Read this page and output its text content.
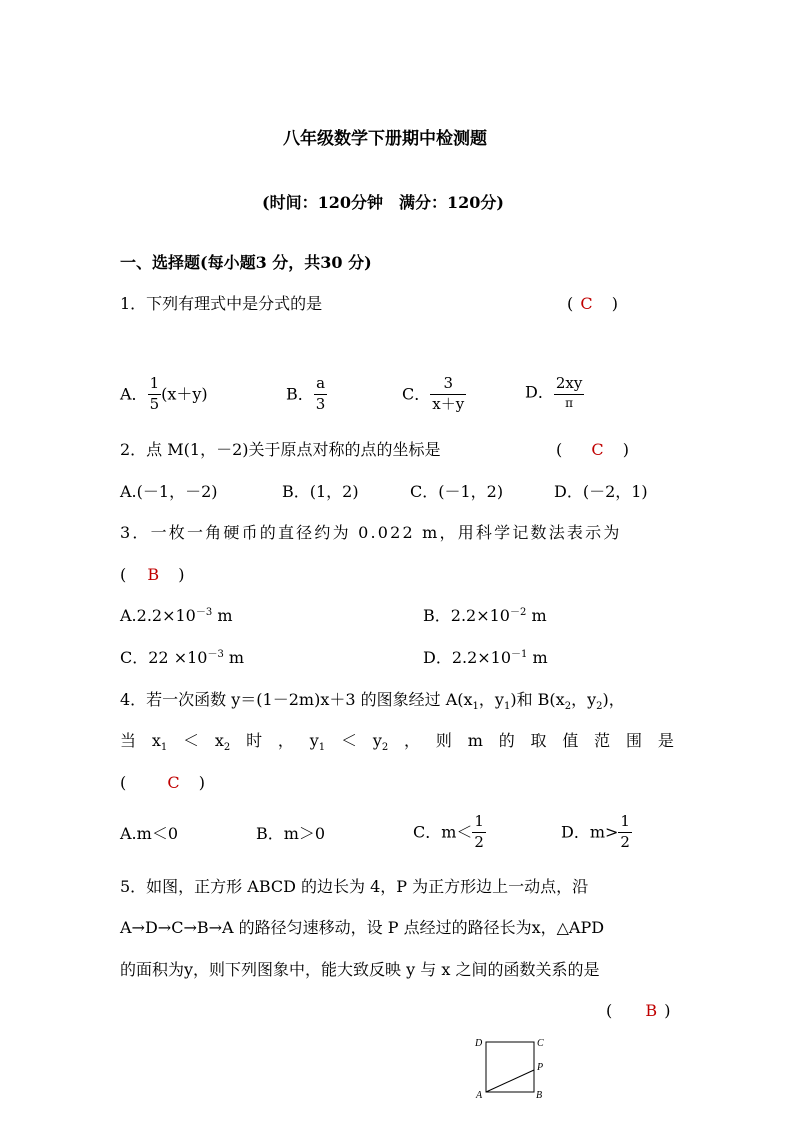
八年级数学下册期中检测题
(时间：120分钟　满分：120分)
一、选择题(每小题3 分，共30 分)
1．下列有理式中是分式的是	( C )
A． $\frac{1}{5} (x+y)$	B． $\frac{a}{3}$	C． $\frac{3}{x+y}$	D． $\frac{2xy}{\pi}$
2．点 M(1，－2)关于原点对称的点的坐标是	( C )
A.(－1，－2)	B．(1，2)	C．(－1，2)	D．(－2，1)
3．一枚一角硬币的直径约为 0.022 m，用科学记数法表示为
( B )
$A.2.2\times 10^{-3}$ m	B．$2.2\times 10^{-2}$ m
C．$22 \times 10^{-3}$ m	D．$2.2\times 10^{-1}$ m
4．若一次函数 y＝(1－2m)x＋3 的图象经过 $A(x_1$，$y_1$)和 $B(x_2$，$y_2$)，
当 $x_1 < x_2$ 时 ， $y_1 < y_2$ ， 则 m 的 取 值 范 围 是
(	C )
A.m＜0	B．m＞0	C．$m< \frac{1}{2}$	D．$m> \frac{1}{2}$
5．如图，正方形 ABCD 的边长为 4，P 为正方形边上一动点，沿
A→D→C→B→A 的路径匀速移动，设 P 点经过的路径长为x，△APD
的面积为y，则下列图象中，能大致反映 y 与 x 之间的函数关系的是
( B )
D	C
P
A	B
